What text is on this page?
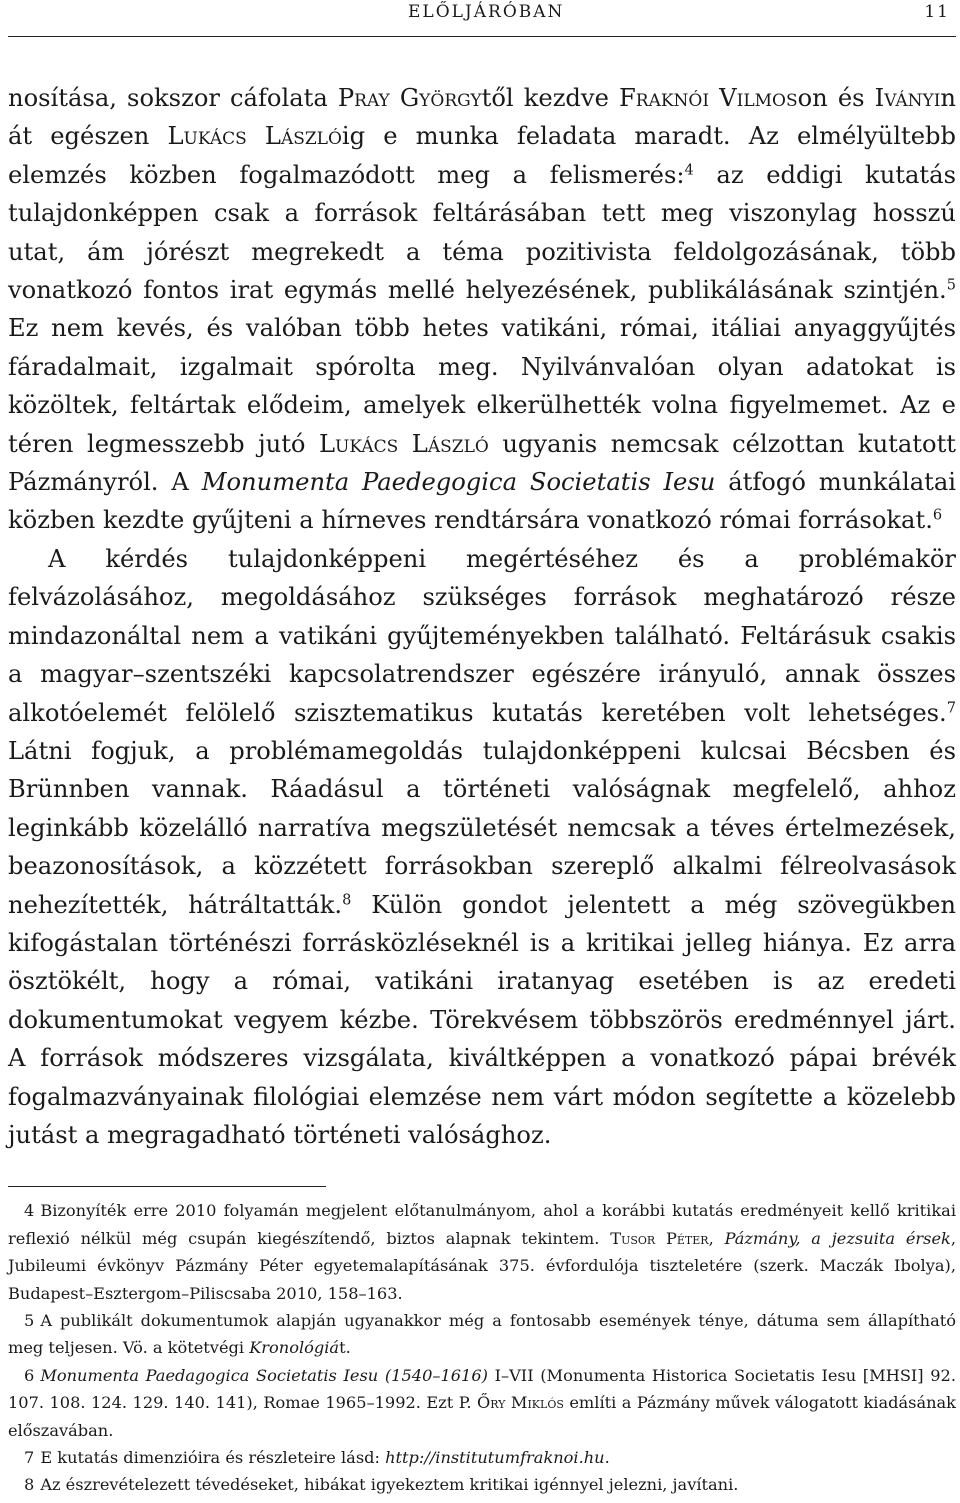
ELŐLJÁRÓBAN	11

nosítása, sokszor cáfolata Pray Györgytől kezdve Fraknói Vilmoson és Iványin át egészen Lukács Lászlóig e munka feladata maradt. Az elmélyültebb elemzés közben fogalmazódott meg a felismerés:$^4$ az eddigi kutatás tulajdonképpen csak a források feltárásában tett meg viszonylag hosszú utat, ám jórészt megrekedt a téma pozitivista feldolgozásának, több vonatkozó fontos irat egymás mellé helyezésének, publikálásának szintjén.$^5$ Ez nem kevés, és valóban több hetes vatikáni, római, itáliai anyaggyűjtés fáradalmait, izgalmait spórolta meg. Nyilvánvalóan olyan adatokat is közöltek, feltártak elődeim, amelyek elkerülhették volna figyelmemet. Az e téren legmesszebb jutó Lukács László ugyanis nemcsak célzottan kutatott Pázmányról. A Monumenta Paedegogica Societatis Iesu átfogó munkálatai közben kezdte gyűjteni a hírneves rendtársára vonatkozó római forrásokat.$^6$

A kérdés tulajdonképpeni megértéséhez és a problémakör felvázolásához, megoldásához szükséges források meghatározó része mindazonáltal nem a vatikáni gyűjteményekben található. Feltárásuk csakis a magyar–szentszéki kapcsolatrendszer egészére irányuló, annak összes alkotóelemét felölelő szisztematikus kutatás keretében volt lehetséges.$^7$ Látni fogjuk, a problémamegoldás tulajdonképpeni kulcsai Bécsben és Brünnben vannak. Ráadásul a történeti valóságnak megfelelő, ahhoz leginkább közelálló narratíva megszületését nemcsak a téves értelmezések, beazonosítások, a közzétett forrásokban szereplő alkalmi félreolvasások nehezítették, hátráltatták.$^8$ Külön gondot jelentett a még szövegükben kifogástalan történészi forrásközléseknél is a kritikai jelleg hiánya. Ez arra ösztökélt, hogy a római, vatikáni iratanyag esetében is az eredeti dokumentumokat vegyem kézbe. Törekvésem többszörös eredménnyel járt. A források módszeres vizsgálata, kiváltképpen a vonatkozó pápai brévék fogalmazványainak filológiai elemzése nem várt módon segítette a közelebb jutást a megragadható történeti valósághoz.

4 Bizonyíték erre 2010 folyamán megjelent előtanulmányom, ahol a korábbi kutatás eredményeit kellő kritikai reflexió nélkül még csupán kiegészítendő, biztos alapnak tekintem. Tusor Péter, Pázmány, a jezsuita érsek, Jubileumi évkönyv Pázmány Péter egyetemalapításának 375. évfordulója tiszteletére (szerk. Maczák Ibolya), Budapest–Esztergom–Piliscsaba 2010, 158–163.

5 A publikált dokumentumok alapján ugyanakkor még a fontosabb események ténye, dátuma sem állapítható meg teljesen. Vö. a kötetvégi Kronológiát.

6 Monumenta Paedagogica Societatis Iesu (1540–1616) I–VII (Monumenta Historica Societatis Iesu [MHSI] 92. 107. 108. 124. 129. 140. 141), Romae 1965–1992. Ezt P. Őry Miklós említi a Pázmány művek válogatott kiadásának előszavában.

7 E kutatás dimenzióira és részleteire lásd: http://institutumfraknoi.hu.

8 Az észrevételezett tévedéseket, hibákat igyekeztem kritikai igénnyel jelezni, javítani.
